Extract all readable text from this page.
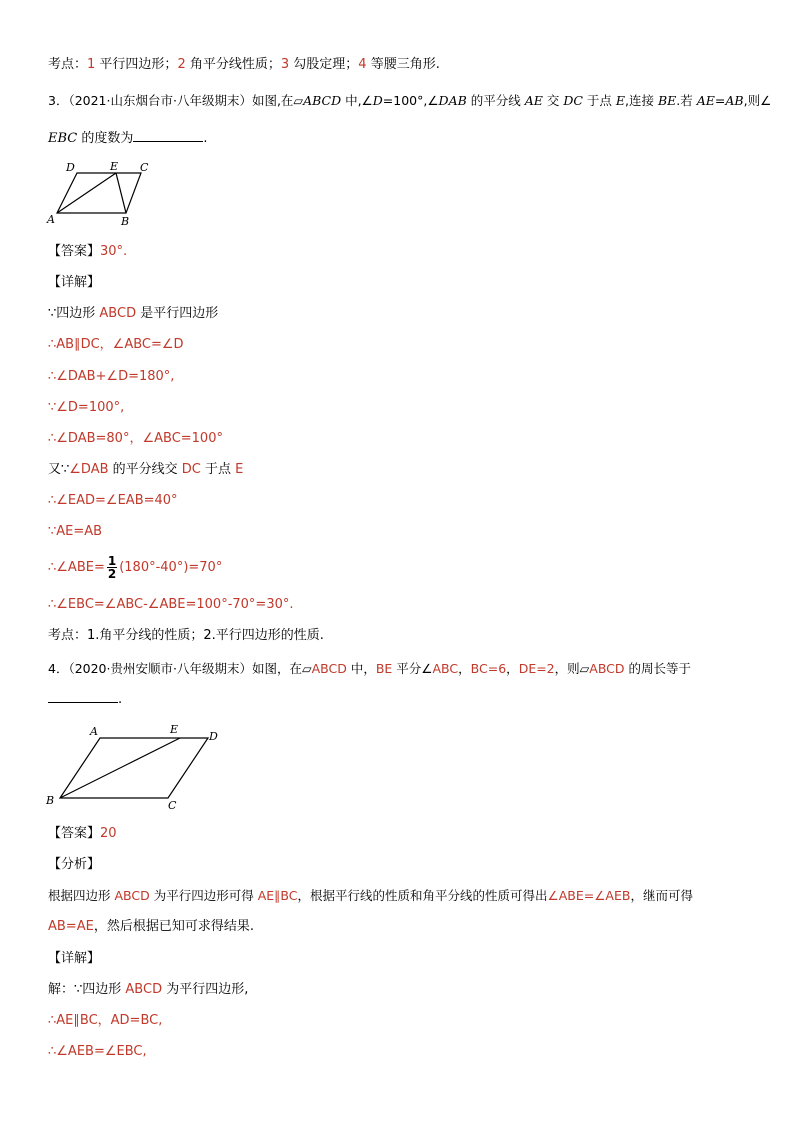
考点：1 平行四边形；2 角平分线性质；3 勾股定理；4 等腰三角形.
3．（2021·山东烟台市·八年级期末）如图,在▱ABCD 中,∠D=100°,∠DAB 的平分线 AE 交 DC 于点 E,连接 BE.若 AE=AB,则∠
EBC 的度数为	.
D	E C
A	B
【答案】30°.
【详解】
∵四边形 ABCD 是平行四边形
∴AB∥DC，∠ABC=∠D
∴∠DAB+∠D=180°,
∵∠D=100°,
∴∠DAB=80°，∠ABC=100°
又∵∠DAB 的平分线交 DC 于点 E
∴∠EAD=∠EAB=40°
∵AE=AB
∴∠ABE= $\frac{1}{2} (180^\circ-40^\circ)=70^\circ$
∴∠EBC=∠ABC-∠ABE=100°-70°=30°.
考点：1.角平分线的性质；2.平行四边形的性质.
4．（2020·贵州安顺市·八年级期末）如图，在▱ABCD 中，BE 平分∠ABC，BC=6，DE=2，则▱ABCD 的周长等于
.
A	E
D
B	C
【答案】20
【分析】
根据四边形 ABCD 为平行四边形可得 AE∥BC，根据平行线的性质和角平分线的性质可得出∠ABE=∠AEB，继而可得
AB=AE，然后根据已知可求得结果.
【详解】
解：∵四边形 ABCD 为平行四边形,
∴AE∥BC，AD=BC,
∴∠AEB=∠EBC,
